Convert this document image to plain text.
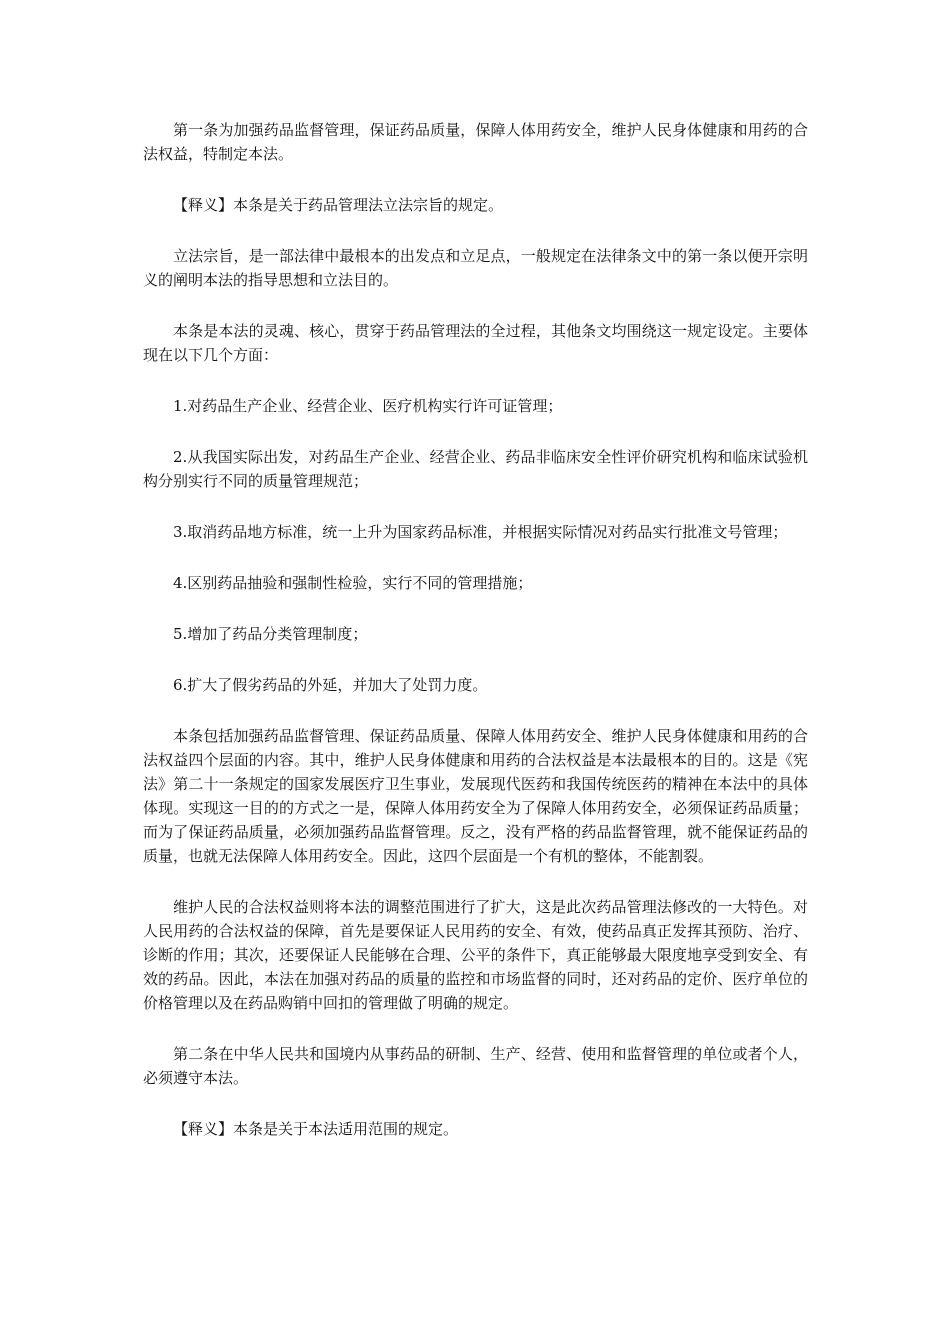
第一条为加强药品监督管理，保证药品质量，保障人体用药安全，维护人民身体健康和用药的合法权益，特制定本法。

【释义】本条是关于药品管理法立法宗旨的规定。

立法宗旨，是一部法律中最根本的出发点和立足点，一般规定在法律条文中的第一条以便开宗明义的阐明本法的指导思想和立法目的。

本条是本法的灵魂、核心，贯穿于药品管理法的全过程，其他条文均围绕这一规定设定。主要体现在以下几个方面：

1.对药品生产企业、经营企业、医疗机构实行许可证管理；

2.从我国实际出发，对药品生产企业、经营企业、药品非临床安全性评价研究机构和临床试验机构分别实行不同的质量管理规范；

3.取消药品地方标准，统一上升为国家药品标准，并根据实际情况对药品实行批准文号管理；

4.区别药品抽验和强制性检验，实行不同的管理措施；

5.增加了药品分类管理制度；

6.扩大了假劣药品的外延，并加大了处罚力度。

本条包括加强药品监督管理、保证药品质量、保障人体用药安全、维护人民身体健康和用药的合法权益四个层面的内容。其中，维护人民身体健康和用药的合法权益是本法最根本的目的。这是《宪法》第二十一条规定的国家发展医疗卫生事业，发展现代医药和我国传统医药的精神在本法中的具体体现。实现这一目的的方式之一是，保障人体用药安全为了保障人体用药安全，必须保证药品质量；而为了保证药品质量，必须加强药品监督管理。反之，没有严格的药品监督管理，就不能保证药品的质量，也就无法保障人体用药安全。因此，这四个层面是一个有机的整体，不能割裂。

维护人民的合法权益则将本法的调整范围进行了扩大，这是此次药品管理法修改的一大特色。对人民用药的合法权益的保障，首先是要保证人民用药的安全、有效，使药品真正发挥其预防、治疗、诊断的作用；其次，还要保证人民能够在合理、公平的条件下，真正能够最大限度地享受到安全、有效的药品。因此，本法在加强对药品的质量的监控和市场监督的同时，还对药品的定价、医疗单位的价格管理以及在药品购销中回扣的管理做了明确的规定。

第二条在中华人民共和国境内从事药品的研制、生产、经营、使用和监督管理的单位或者个人，必须遵守本法。

【释义】本条是关于本法适用范围的规定。
